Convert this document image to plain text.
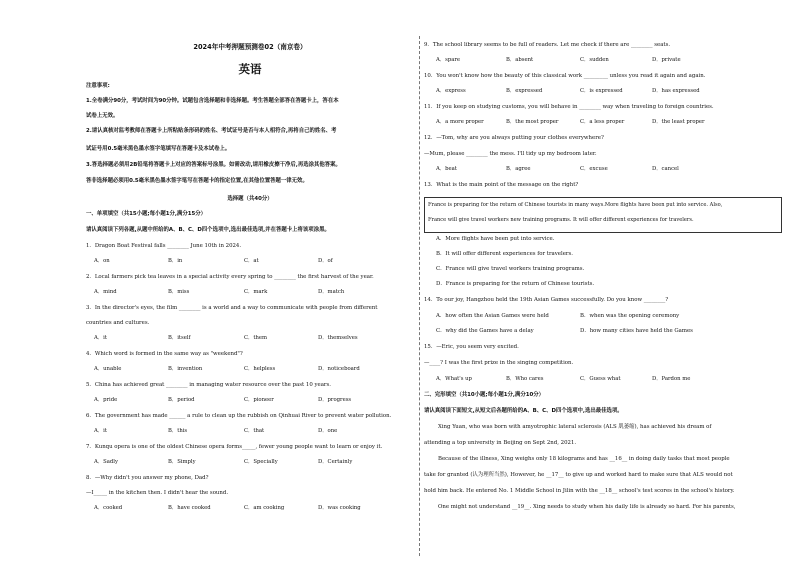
2024年中考押题预测卷02（南京卷）
英语
注意事项:
1.全卷满分90分，考试时间为90分钟。试题包含选择题和非选择题。考生答题全部答在答题卡上，答在本
试卷上无效。
2.请认真核对监考教师在答题卡上所粘贴条形码的姓名、考试证号是否与本人相符合,再将自己的姓名、考
试证号用0.5毫米黑色墨水签字笔填写在答题卡及本试卷上。
3.答选择题必须用2B铅笔将答题卡上对应的答案标号涂黑。如需改动,请用橡皮擦干净后,再选涂其他答案。
答非选择题必须用0.5毫米黑色墨水签字笔写在答题卡的指定位置,在其他位置答题一律无效。
选择题（共40分）
一、单项填空（共15小题;每小题1分,满分15分）
请认真阅读下列各题,从题中所给的A、B、C、D四个选项中,选出最佳选项,并在答题卡上将该项涂黑。
1．Dragon Boat Festival falls ________ June 10th in 2024.
A．on	B．in	C．at	D．of
2．Local farmers pick tea leaves in a special activity every spring to ________ the first harvest of the year.
A．mind	B．miss	C．mark	D．match
3．In the director's eyes, the film ________ is a world and a way to communicate with people from different
countries and cultures.
A．it	B．itself	C．them	D．themselves
4．Which word is formed in the same way as "weekend"?
A．unable	B．invention	C．helpless	D．noticeboard
5．China has achieved great ________ in managing water resource over the past 10 years.
A．pride	B．period	C．pioneer	D．progress
6．The government has made ______ a rule to clean up the rubbish on Qinhuai River to prevent water pollution.
A．it	B．this	C．that	D．one
7．Kunqu opera is one of the oldest Chinese opera forms_____, fewer young people want to learn or enjoy it.
A．Sadly	B．Simply	C．Specially	D．Certainly
8．—Why didn't you answer my phone, Dad?
—I_____ in the kitchen then. I didn't hear the sound.
A．cooked	B．have cooked	C．am cooking	D．was cooking
9．The school library seems to be full of readers. Let me check if there are ________ seats.
A．spare	B．absent	C．sudden	D．private
10．You won't know how the beauty of this classical work _________ unless you read it again and again.
A．express	B．expressed	C．is expressed	D．has expressed
11．If you keep on studying customs, you will behave in ________ way when traveling to foreign countries.
A．a more proper	B．the most proper	C．a less proper	D．the least proper
12．—Tom, why are you always putting your clothes everywhere?
—Mum, please ________ the mess. I'll tidy up my bedroom later.
A．beat	B．agree	C．excuse	D．cancel
13．What is the main point of the message on the right?
France is preparing for the return of Chinese tourists in many ways.More flights have been put into service. Also,
France will give travel workers new training programs. It will offer different experiences for travelers.
A．More flights have been put into service.
B．It will offer different experiences for travelers.
C．France will give travel workers training programs.
D．France is preparing for the return of Chinese tourists.
14．To our joy, Hangzhou held the 19th Asian Games successfully. Do you know ________?
A．how often the Asian Games were held	B．when was the opening ceremony
C．why did the Games have a delay	D．how many cities have held the Games
15．—Eric, you seem very excited.
—____? I was the first prize in the singing competition.
A．What's up	B．Who cares	C．Guess what	D．Pardon me
二、完形填空（共10小题;每小题1分,满分10分）
请认真阅读下面短文,从短文后各题所给的A、B、C、D四个选项中,选出最佳选项。
Xing Yuan, who was born with amyotrophic lateral sclerosis (ALS 肌萎缩), has achieved his dream of
attending a top university in Beijing on Sept 2nd, 2021.
Because of the illness, Xing weighs only 18 kilograms and has __16__ in doing daily tasks that most people
take for granted (认为理所当然), However, he __17__ to give up and worked hard to make sure that ALS would not
hold him back. He entered No. 1 Middle School in Jilin with the __18__ school's test scores in the school's history.
One might not understand __19__. Xing needs to study when his daily life is already so hard. For his parents,
